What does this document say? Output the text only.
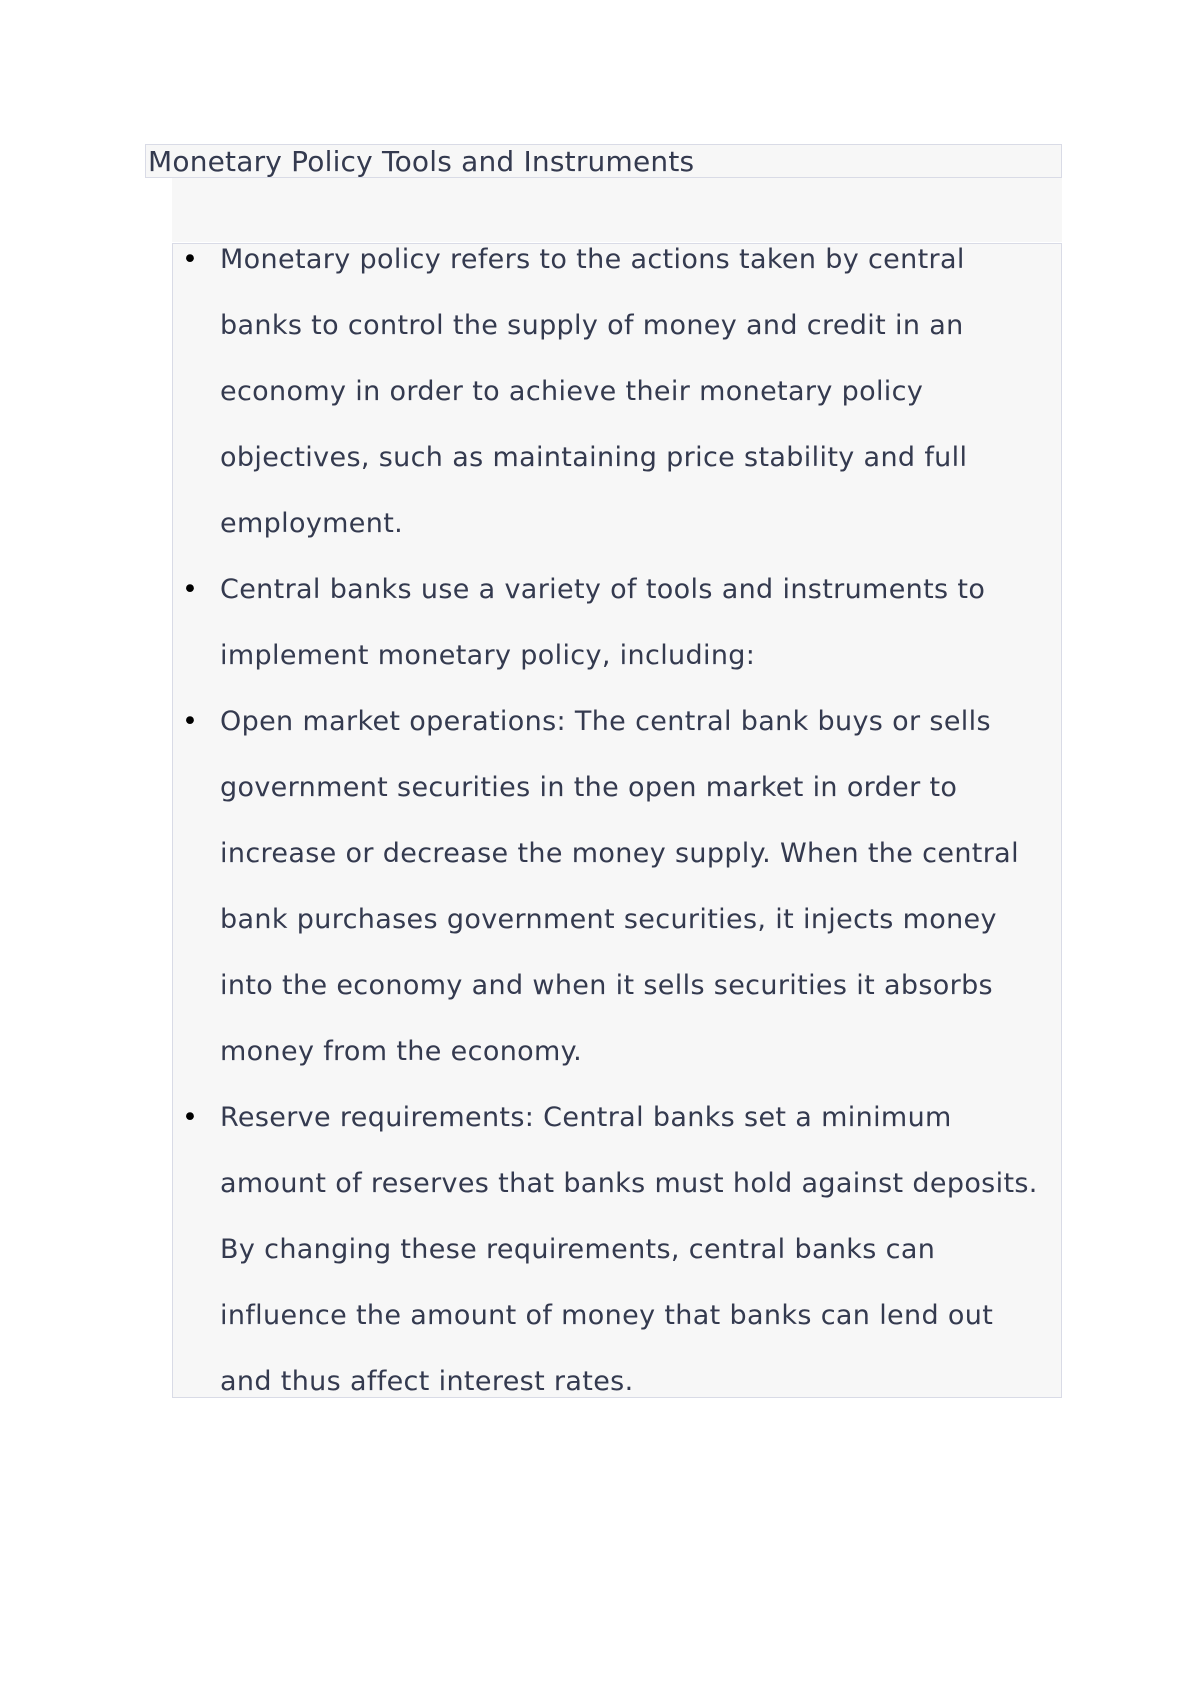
Monetary Policy Tools and Instruments
• Monetary policy refers to the actions taken by central
banks to control the supply of money and credit in an
economy in order to achieve their monetary policy
objectives, such as maintaining price stability and full
employment.
• Central banks use a variety of tools and instruments to
implement monetary policy, including:
• Open market operations: The central bank buys or sells
government securities in the open market in order to
increase or decrease the money supply. When the central
bank purchases government securities, it injects money
into the economy and when it sells securities it absorbs
money from the economy.
• Reserve requirements: Central banks set a minimum
amount of reserves that banks must hold against deposits.
By changing these requirements, central banks can
influence the amount of money that banks can lend out
and thus affect interest rates.
